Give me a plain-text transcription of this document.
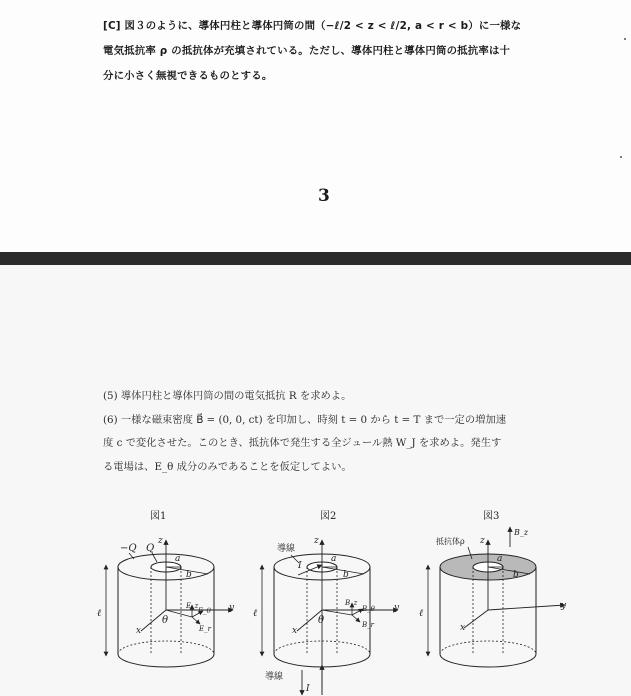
[C] 図３のように、導体円柱と導体円筒の間（−ℓ/2 < z < ℓ/2, a < r < b）に一様な

電気抵抗率 ρ の抵抗体が充填されている。ただし、導体円柱と導体円筒の抵抗率は十

分に小さく無視できるものとする。

3

(5) 導体円柱と導体円筒の間の電気抵抗 R を求めよ。

(6) 一様な磁束密度 B⃗ = (0, 0, ct) を印加し、時刻 t = 0 から t = T まで一定の増加速

度 c で変化させた。このとき、抵抗体で発生する全ジュール熱 W_J を求めよ。発生す

る電場は、E_θ 成分のみであることを仮定してよい。

図1
z
a
b
−Q Q
ℓ	y
x
θ
E_z
E_θ
E_r
図2
z
a
b
導線
I
I
導線
ℓ	y
x
θ
B_z
B_θ
B_r
図3
z
a
b
抵抗体ρ
B_z
ℓ
y
x
